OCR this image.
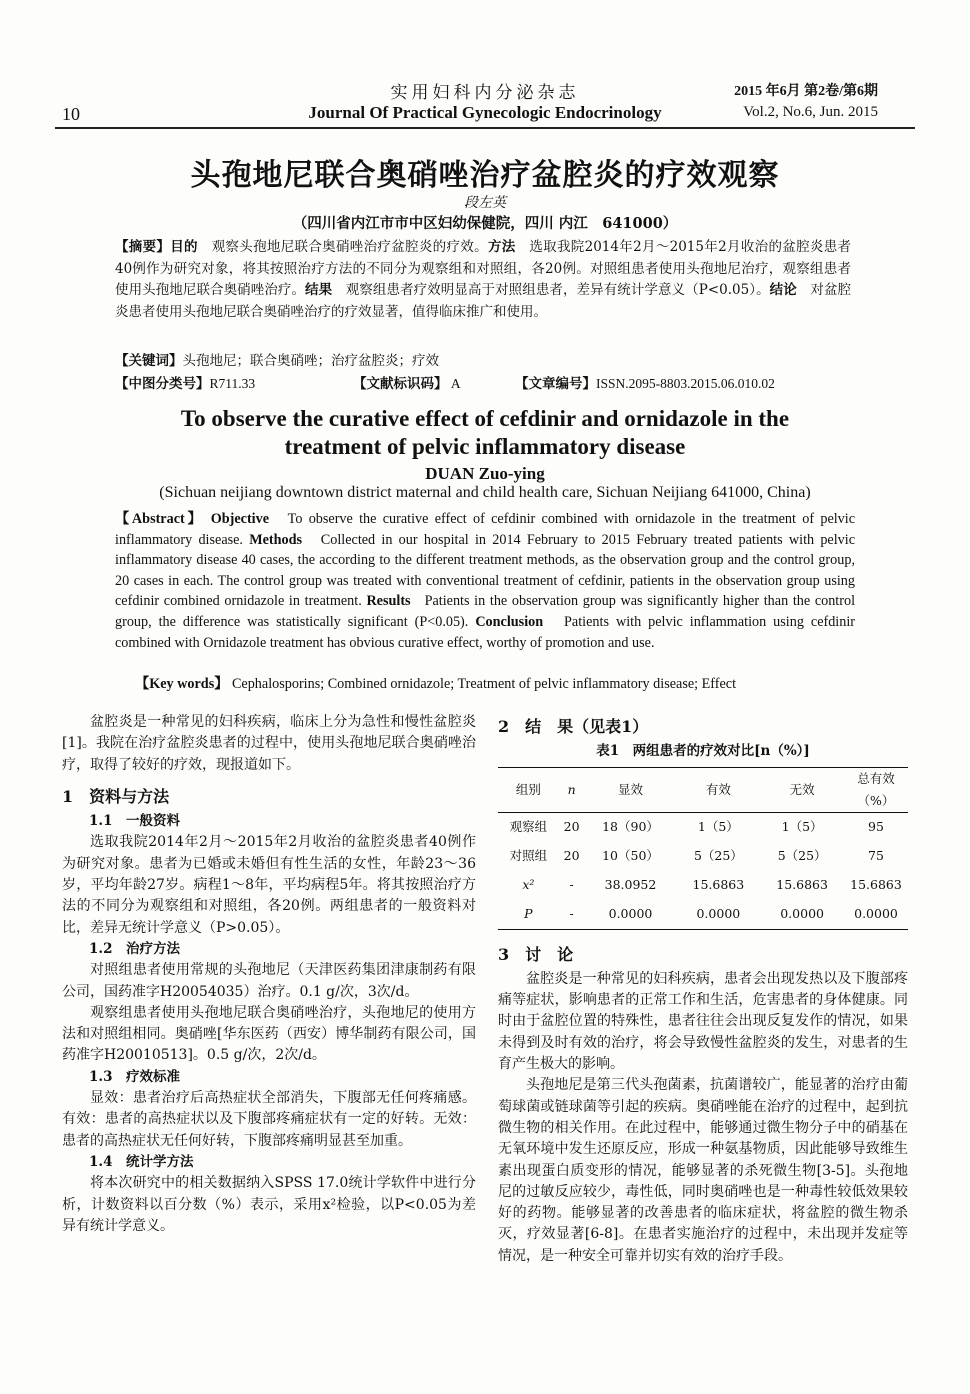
10
实用妇科内分泌杂志
Journal Of Practical Gynecologic Endocrinology
2015 年6月 第2卷/第6期
Vol.2, No.6, Jun. 2015
头孢地尼联合奥硝唑治疗盆腔炎的疗效观察
段左英
（四川省内江市市中区妇幼保健院，四川 内江　641000）
【摘要】目的　 观察头孢地尼联合奥硝唑治疗盆腔炎的疗效。方法　 选取我院2014年2月～2015年2月收治的盆腔炎患者40例作为研究对象，将其按照治疗方法的不同分为观察组和对照组，各20例。对照组患者使用头孢地尼治疗，观察组患者使用头孢地尼联合奥硝唑治疗。结果　 观察组患者疗效明显高于对照组患者，差异有统计学意义（P<0.05）。结论　 对盆腔炎患者使用头孢地尼联合奥硝唑治疗的疗效显著，值得临床推广和使用。
【关键词】头孢地尼；联合奥硝唑；治疗盆腔炎；疗效
【中图分类号】R711.33	【文献标识码】 A	【文章编号】ISSN.2095-8803.2015.06.010.02
To observe the curative effect of cefdinir and ornidazole in the treatment of pelvic inflammatory disease
DUAN Zuo-ying
(Sichuan neijiang downtown district maternal and child health care, Sichuan Neijiang 641000, China)
【Abstract】 Objective To observe the curative effect of cefdinir combined with ornidazole in the treatment of pelvic inflammatory disease. Methods Collected in our hospital in 2014 February to 2015 February treated patients with pelvic inflammatory disease 40 cases, the according to the different treatment methods, as the observation group and the control group, 20 cases in each. The control group was treated with conventional treatment of cefdinir, patients in the observation group using cefdinir combined ornidazole in treatment. Results Patients in the observation group was significantly higher than the control group, the difference was statistically significant (P<0.05). Conclusion Patients with pelvic inflammation using cefdinir combined with Ornidazole treatment has obvious curative effect, worthy of promotion and use.
【Key words】 Cephalosporins; Combined ornidazole; Treatment of pelvic inflammatory disease; Effect

盆腔炎是一种常见的妇科疾病，临床上分为急性和慢性盆腔炎[1]。我院在治疗盆腔炎患者的过程中，使用头孢地尼联合奥硝唑治疗，取得了较好的疗效，现报道如下。

1　资料与方法
1.1　一般资料

选取我院2014年2月～2015年2月收治的盆腔炎患者40例作为研究对象。患者为已婚或未婚但有性生活的女性，年龄23～36岁，平均年龄27岁。病程1～8年，平均病程5年。将其按照治疗方法的不同分为观察组和对照组，各20例。两组患者的一般资料对比，差异无统计学意义（P>0.05）。

1.2　治疗方法

对照组患者使用常规的头孢地尼（天津医药集团津康制药有限公司，国药准字H20054035）治疗。0.1 g/次，3次/d。

观察组患者使用头孢地尼联合奥硝唑治疗，头孢地尼的使用方法和对照组相同。奥硝唑[华东医药（西安）博华制药有限公司，国药准字H20010513]。0.5 g/次，2次/d。

1.3　疗效标准

显效：患者治疗后高热症状全部消失，下腹部无任何疼痛感。有效：患者的高热症状以及下腹部疼痛症状有一定的好转。无效：患者的高热症状无任何好转，下腹部疼痛明显甚至加重。

1.4　统计学方法

将本次研究中的相关数据纳入SPSS 17.0统计学软件中进行分析，计数资料以百分数（%）表示，采用x²检验，以P<0.05为差异有统计学意义。

2　结　果（见表1）
表1　两组患者的疗效对比[n（%）]
组别	n	显效	有效	无效	总有效（%）
观察组	20	18（90）	1（5）	1（5）	95
对照组	20	10（50）	5（25）	5（25）	75
x²	-	38.0952	15.6863	15.6863	15.6863
P	-	0.0000	0.0000	0.0000	0.0000
3　讨　论

盆腔炎是一种常见的妇科疾病，患者会出现发热以及下腹部疼痛等症状，影响患者的正常工作和生活，危害患者的身体健康。同时由于盆腔位置的特殊性，患者往往会出现反复发作的情况，如果未得到及时有效的治疗，将会导致慢性盆腔炎的发生，对患者的生育产生极大的影响。

头孢地尼是第三代头孢菌素，抗菌谱较广，能显著的治疗由葡萄球菌或链球菌等引起的疾病。奥硝唑能在治疗的过程中，起到抗微生物的相关作用。在此过程中，能够通过微生物分子中的硝基在无氧环境中发生还原反应，形成一种氨基物质，因此能够导致维生素出现蛋白质变形的情况，能够显著的杀死微生物[3-5]。头孢地尼的过敏反应较少，毒性低，同时奥硝唑也是一种毒性较低效果较好的药物。能够显著的改善患者的临床症状，将盆腔的微生物杀灭，疗效显著[6-8]。在患者实施治疗的过程中，未出现并发症等情况，是一种安全可靠并切实有效的治疗手段。
